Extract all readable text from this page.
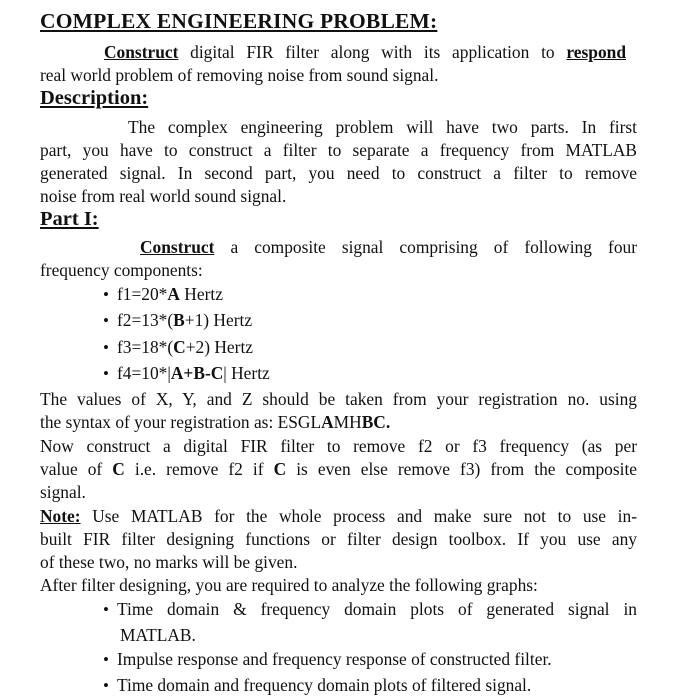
COMPLEX ENGINEERING PROBLEM:
Construct digital FIR filter along with its application to respond
real world problem of removing noise from sound signal.
Description:
The complex engineering problem will have two parts. In first
part, you have to construct a filter to separate a frequency from MATLAB
generated signal. In second part, you need to construct a filter to remove
noise from real world sound signal.
Part I:
Construct a composite signal comprising of following four
frequency components:
• f1=20*A Hertz
• f2=13*(B+1) Hertz
• f3=18*(C+2) Hertz
• f4=10*|A+B-C| Hertz
The values of X, Y, and Z should be taken from your registration no. using
the syntax of your registration as: ESGLAMHBC.
Now construct a digital FIR filter to remove f2 or f3 frequency (as per
value of C i.e. remove f2 if C is even else remove f3) from the composite
signal.
Note: Use MATLAB for the whole process and make sure not to use in-
built FIR filter designing functions or filter design toolbox. If you use any
of these two, no marks will be given.
After filter designing, you are required to analyze the following graphs:
• Time domain & frequency domain plots of generated signal in
MATLAB.
• Impulse response and frequency response of constructed filter.
• Time domain and frequency domain plots of filtered signal.
